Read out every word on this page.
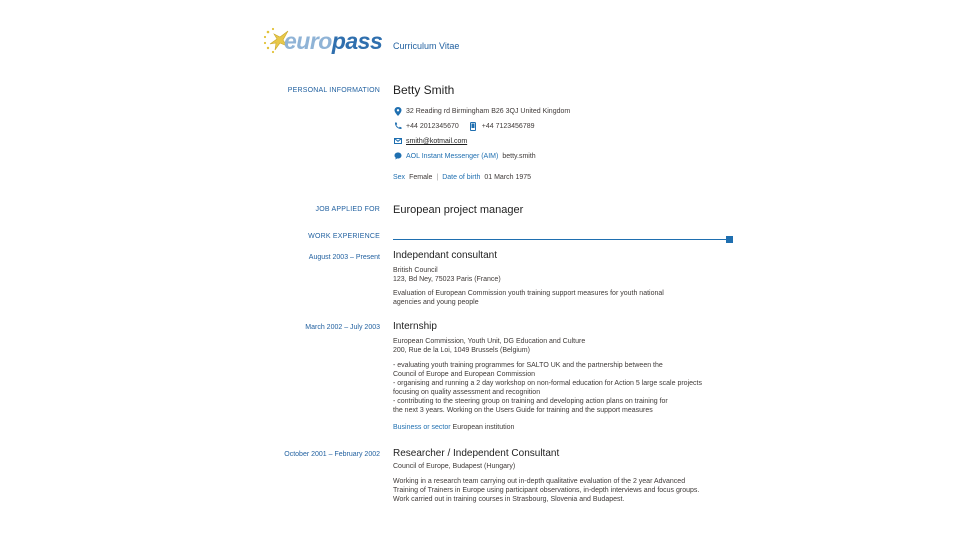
europass Curriculum Vitae
PERSONAL INFORMATION Betty Smith
32 Reading rd Birmingham B26 3QJ United Kingdom
+44 2012345670	+44 7123456789
smith@kotmail.com
AOL Instant Messenger (AIM) betty.smith
Sex Female | Date of birth 01 March 1975
JOB APPLIED FOR European project manager
WORK EXPERIENCE
August 2003 – Present Independant consultant
British Council
123, Bd Ney, 75023 Paris (France)
Evaluation of European Commission youth training support measures for youth national
agencies and young people
March 2002 – July 2003 Internship
European Commission, Youth Unit, DG Education and Culture
200, Rue de la Loi, 1049 Brussels (Belgium)
- evaluating youth training programmes for SALTO UK and the partnership between the
Council of Europe and European Commission
- organising and running a 2 day workshop on non-formal education for Action 5 large scale projects
focusing on quality assessment and recognition
- contributing to the steering group on training and developing action plans on training for
the next 3 years. Working on the Users Guide for training and the support measures
Business or sector European institution
October 2001 – February 2002 Researcher / Independent Consultant
Council of Europe, Budapest (Hungary)
Working in a research team carrying out in-depth qualitative evaluation of the 2 year Advanced
Training of Trainers in Europe using participant observations, in-depth interviews and focus groups.
Work carried out in training courses in Strasbourg, Slovenia and Budapest.
